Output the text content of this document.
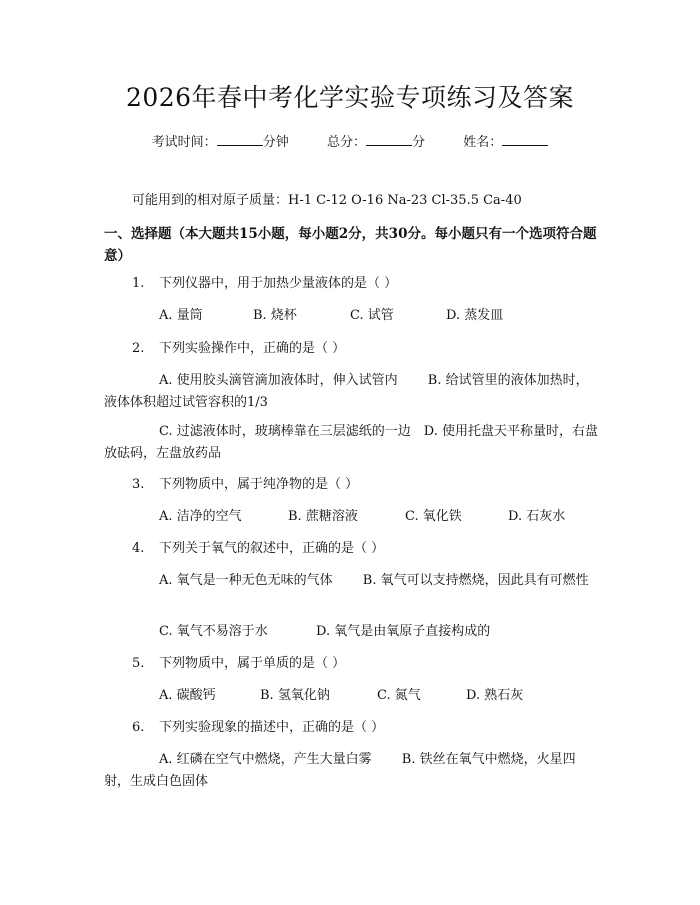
2026年春中考化学实验专项练习及答案
考试时间：	分钟	总分：	分	姓名：
可能用到的相对原子质量：H-1 C-12 O-16 Na-23 Cl-35.5 Ca-40
一、选择题（本大题共15小题，每小题2分，共30分。每小题只有一个选项符合题意）
1. 下列仪器中，用于加热少量液体的是（ ）
A. 量筒	B. 烧杯	C. 试管	D. 蒸发皿
2. 下列实验操作中，正确的是（ ）
A. 使用胶头滴管滴加液体时，伸入试管内　　 B. 给试管里的液体加热时，液体体积超过试管容积的1/3
C. 过滤液体时，玻璃棒靠在三层滤纸的一边　D. 使用托盘天平称量时，右盘放砝码，左盘放药品
3. 下列物质中，属于纯净物的是（ ）
A. 洁净的空气	B. 蔗糖溶液	C. 氧化铁	D. 石灰水
4. 下列关于氧气的叙述中，正确的是（ ）
A. 氧气是一种无色无味的气体　　 B. 氧气可以支持燃烧，因此具有可燃性
C. 氧气不易溶于水	D. 氧气是由氧原子直接构成的
5. 下列物质中，属于单质的是（ ）
A. 碳酸钙	B. 氢氧化钠	C. 氮气	D. 熟石灰
6. 下列实验现象的描述中，正确的是（ ）
A. 红磷在空气中燃烧，产生大量白雾　　 B. 铁丝在氧气中燃烧，火星四射，生成白色固体
